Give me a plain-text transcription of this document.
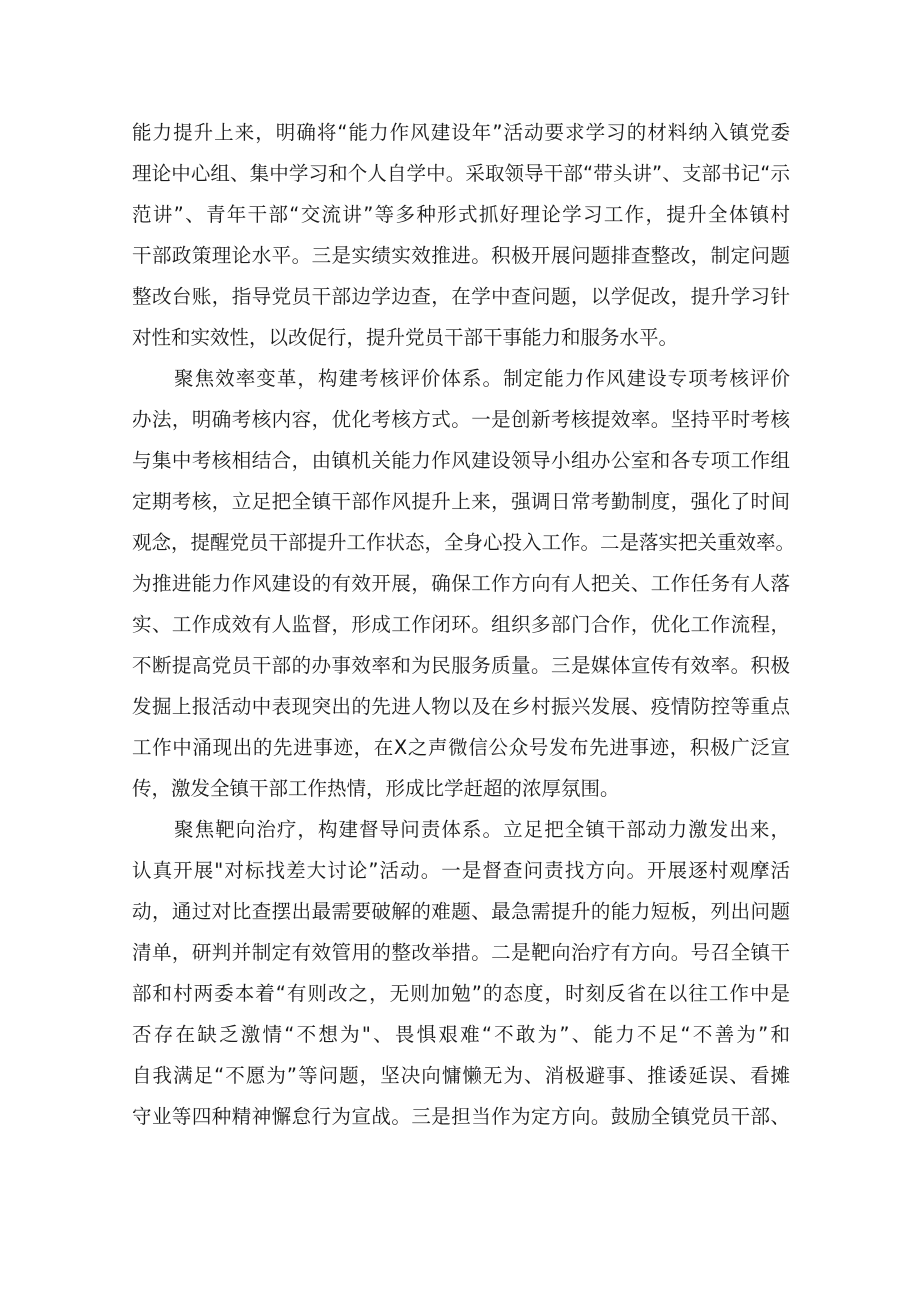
能力提升上来，明确将“能力作风建设年”活动要求学习的材料纳入镇党委
理论中心组、集中学习和个人自学中。采取领导干部“带头讲”、支部书记“示
范讲”、青年干部“交流讲”等多种形式抓好理论学习工作，提升全体镇村
干部政策理论水平。三是实绩实效推进。积极开展问题排查整改，制定问题
整改台账，指导党员干部边学边查，在学中查问题，以学促改，提升学习针
对性和实效性，以改促行，提升党员干部干事能力和服务水平。
聚焦效率变革，构建考核评价体系。制定能力作风建设专项考核评价
办法，明确考核内容，优化考核方式。一是创新考核提效率。坚持平时考核
与集中考核相结合，由镇机关能力作风建设领导小组办公室和各专项工作组
定期考核，立足把全镇干部作风提升上来，强调日常考勤制度，强化了时间
观念，提醒党员干部提升工作状态，全身心投入工作。二是落实把关重效率。
为推进能力作风建设的有效开展，确保工作方向有人把关、工作任务有人落
实、工作成效有人监督，形成工作闭环。组织多部门合作，优化工作流程，
不断提高党员干部的办事效率和为民服务质量。三是媒体宣传有效率。积极
发掘上报活动中表现突出的先进人物以及在乡村振兴发展、疫情防控等重点
工作中涌现出的先进事迹，在X之声微信公众号发布先进事迹，积极广泛宣
传，激发全镇干部工作热情，形成比学赶超的浓厚氛围。
聚焦靶向治疗，构建督导问责体系。立足把全镇干部动力激发出来，
认真开展"对标找差大讨论”活动。一是督查问责找方向。开展逐村观摩活
动，通过对比查摆出最需要破解的难题、最急需提升的能力短板，列出问题
清单，研判并制定有效管用的整改举措。二是靶向治疗有方向。号召全镇干
部和村两委本着“有则改之，无则加勉”的态度，时刻反省在以往工作中是
否存在缺乏激情“不想为"、畏惧艰难“不敢为”、能力不足“不善为”和
自我满足“不愿为”等问题，坚决向慵懒无为、消极避事、推诿延误、看摊
守业等四种精神懈怠行为宣战。三是担当作为定方向。鼓励全镇党员干部、
